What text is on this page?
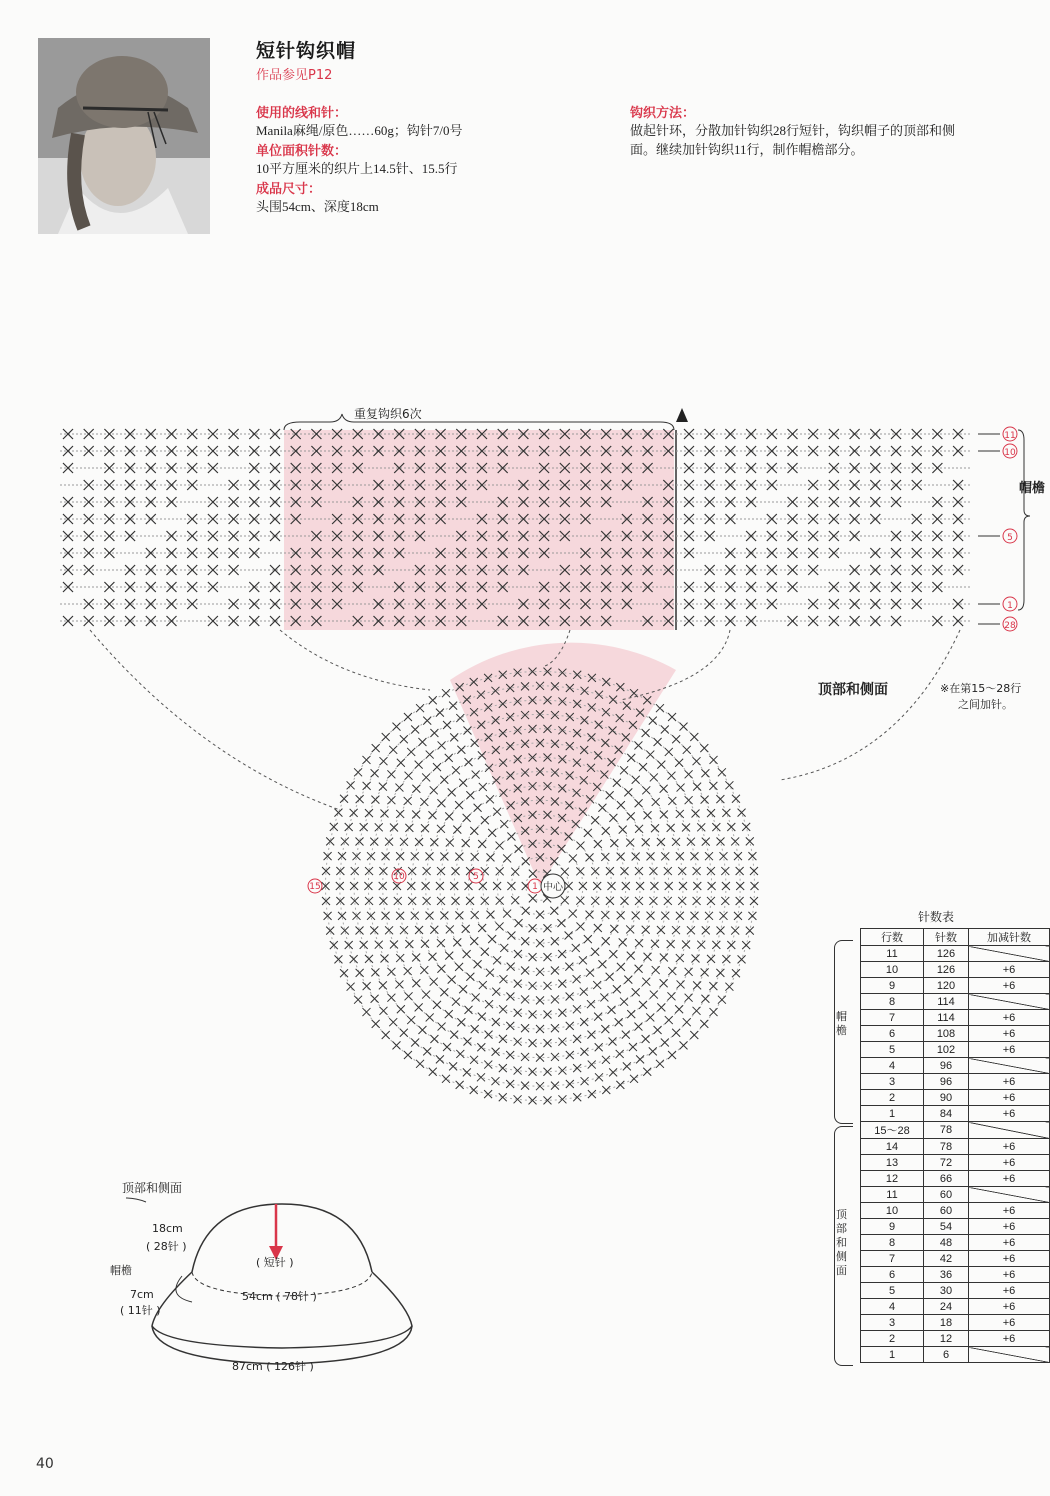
短针钩织帽
作品参见P12
使用的线和针：
Manila麻绳/原色……60g；钩针7/0号
单位面积针数：
10平方厘米的织片上14.5针、15.5行
成品尺寸：
头围54cm、深度18cm
钩织方法：
做起针环，分散加针钩织28行短针，钩织帽子的顶部和侧面。继续加针钩织11行，制作帽檐部分。
重复钩织6次
11
10
5
1
28
帽檐
顶部和侧面	※在第15～28行
之间加针。
15
10	5
1 中心
顶部和侧面
18cm
( 28针 )
( 短针 )
帽檐
7cm
( 11针 )
54cm ( 78针 )
87cm ( 126针 )
针数表
行数	针数	加减针数
11	126	
10	126	+6
9	120	+6
8	114	
7	114	+6
6	108	+6
5	102	+6
4	96	
3	96	+6
2	90	+6
1	84	+6
15～28	78	
14	78	+6
13	72	+6
12	66	+6
11	60	
10	60	+6
9	54	+6
8	48	+6
7	42	+6
6	36	+6
5	30	+6
4	24	+6
3	18	+6
2	12	+6
1	6	
帽檐
顶部和侧面
40
